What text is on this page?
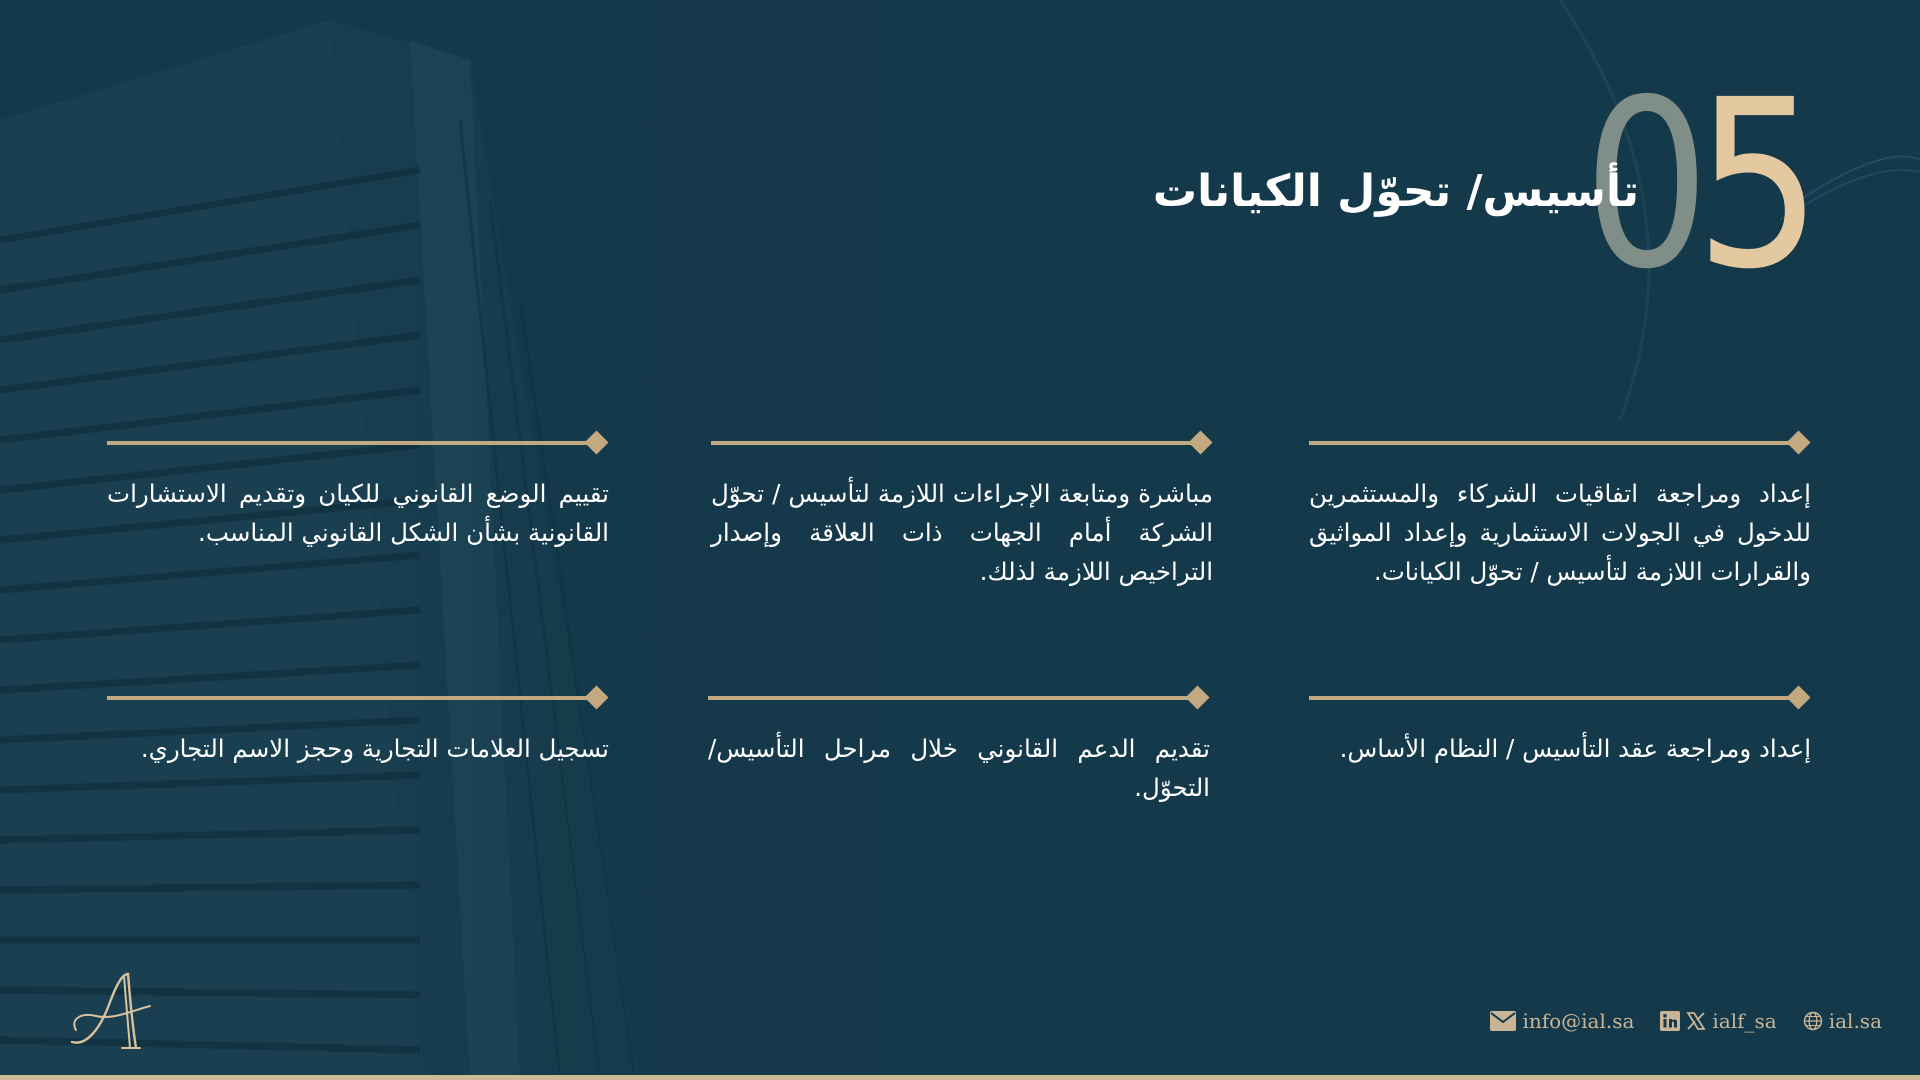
05
تأسيس/ تحوّل الكيانات

إعداد ومراجعة اتفاقيات الشركاء والمستثمرين للدخول في الجولات الاستثمارية وإعداد المواثيق والقرارات اللازمة لتأسيس / تحوّل الكيانات.

مباشرة ومتابعة الإجراءات اللازمة لتأسيس / تحوّل الشركة أمام الجهات ذات العلاقة وإصدار التراخيص اللازمة لذلك.

تقييم الوضع القانوني للكيان وتقديم الاستشارات القانونية بشأن الشكل القانوني المناسب.

إعداد ومراجعة عقد التأسيس / النظام الأساس.

تقديم الدعم القانوني خلال مراحل التأسيس/ التحوّل.

تسجيل العلامات التجارية وحجز الاسم التجاري.

info@ial.sa	ialf_sa	ial.sa
